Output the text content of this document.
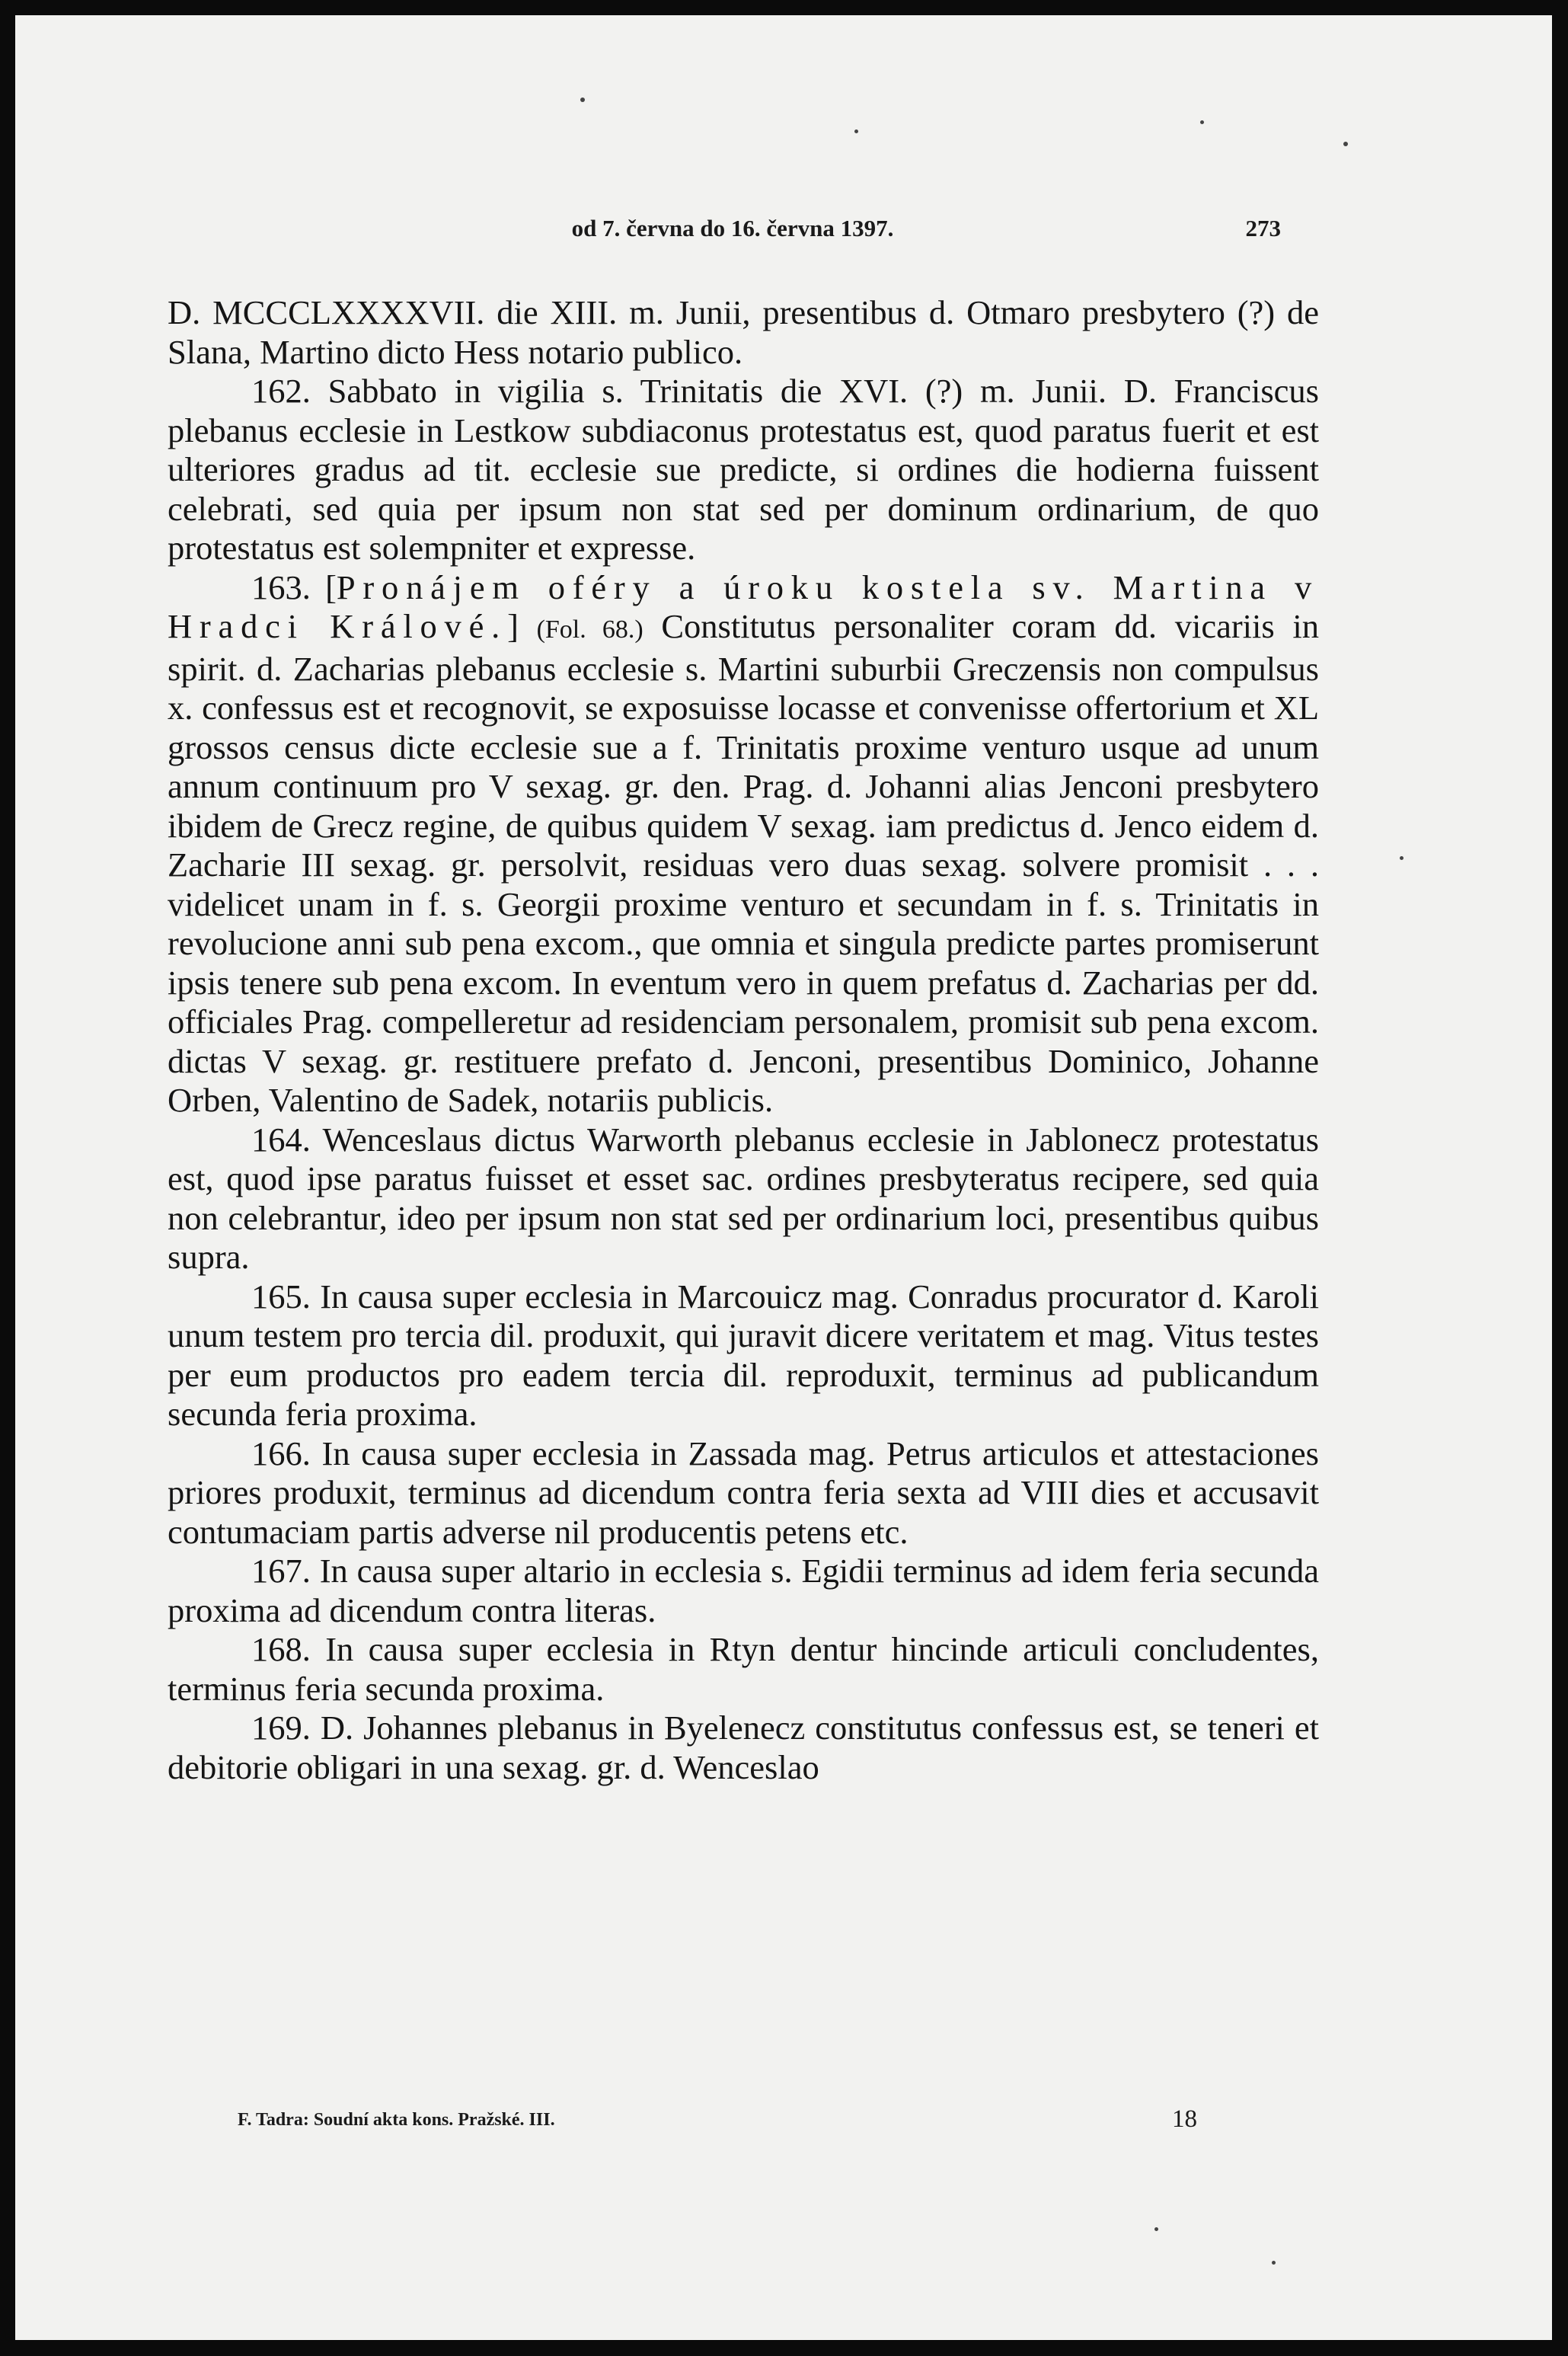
od 7. června do 16. června 1397.	273

D. MCCCLXXXXVII. die XIII. m. Junii, presentibus d. Otmaro presbytero (?) de Slana, Martino dicto Hess notario publico.

162. Sabbato in vigilia s. Trinitatis die XVI. (?) m. Junii. D. Franciscus plebanus ecclesie in Lestkow subdiaconus protestatus est, quod paratus fuerit et est ulteriores gradus ad tit. ecclesie sue predicte, si ordines die hodierna fuissent celebrati, sed quia per ipsum non stat sed per dominum ordinarium, de quo protestatus est solempniter et expresse.

163. [Pronájem oféry a úroku kostela sv. Martina v Hradci Králové.] (Fol. 68.) Constitutus personaliter coram dd. vicariis in spirit. d. Zacharias plebanus ecclesie s. Martini suburbii Greczensis non compulsus x. confessus est et recognovit, se exposuisse locasse et convenisse offertorium et XL grossos census dicte ecclesie sue a f. Trinitatis proxime venturo usque ad unum annum continuum pro V sexag. gr. den. Prag. d. Johanni alias Jenconi presbytero ibidem de Grecz regine, de quibus quidem V sexag. iam predictus d. Jenco eidem d. Zacharie III sexag. gr. persolvit, residuas vero duas sexag. solvere promisit . . . videlicet unam in f. s. Georgii proxime venturo et secundam in f. s. Trinitatis in revolucione anni sub pena excom., que omnia et singula predicte partes promiserunt ipsis tenere sub pena excom. In eventum vero in quem prefatus d. Zacharias per dd. officiales Prag. compelleretur ad residenciam personalem, promisit sub pena excom. dictas V sexag. gr. restituere prefato d. Jenconi, presentibus Dominico, Johanne Orben, Valentino de Sadek, notariis publicis.

164. Wenceslaus dictus Warworth plebanus ecclesie in Jablonecz protestatus est, quod ipse paratus fuisset et esset sac. ordines presbyteratus recipere, sed quia non celebrantur, ideo per ipsum non stat sed per ordinarium loci, presentibus quibus supra.

165. In causa super ecclesia in Marcouicz mag. Conradus procurator d. Karoli unum testem pro tercia dil. produxit, qui juravit dicere veritatem et mag. Vitus testes per eum productos pro eadem tercia dil. reproduxit, terminus ad publicandum secunda feria proxima.

166. In causa super ecclesia in Zassada mag. Petrus articulos et attestaciones priores produxit, terminus ad dicendum contra feria sexta ad VIII dies et accusavit contumaciam partis adverse nil producentis petens etc.

167. In causa super altario in ecclesia s. Egidii terminus ad idem feria secunda proxima ad dicendum contra literas.

168. In causa super ecclesia in Rtyn dentur hincinde articuli concludentes, terminus feria secunda proxima.

169. D. Johannes plebanus in Byelenecz constitutus confessus est, se teneri et debitorie obligari in una sexag. gr. d. Wenceslao

F. Tadra: Soudní akta kons. Pražské. III.	18
